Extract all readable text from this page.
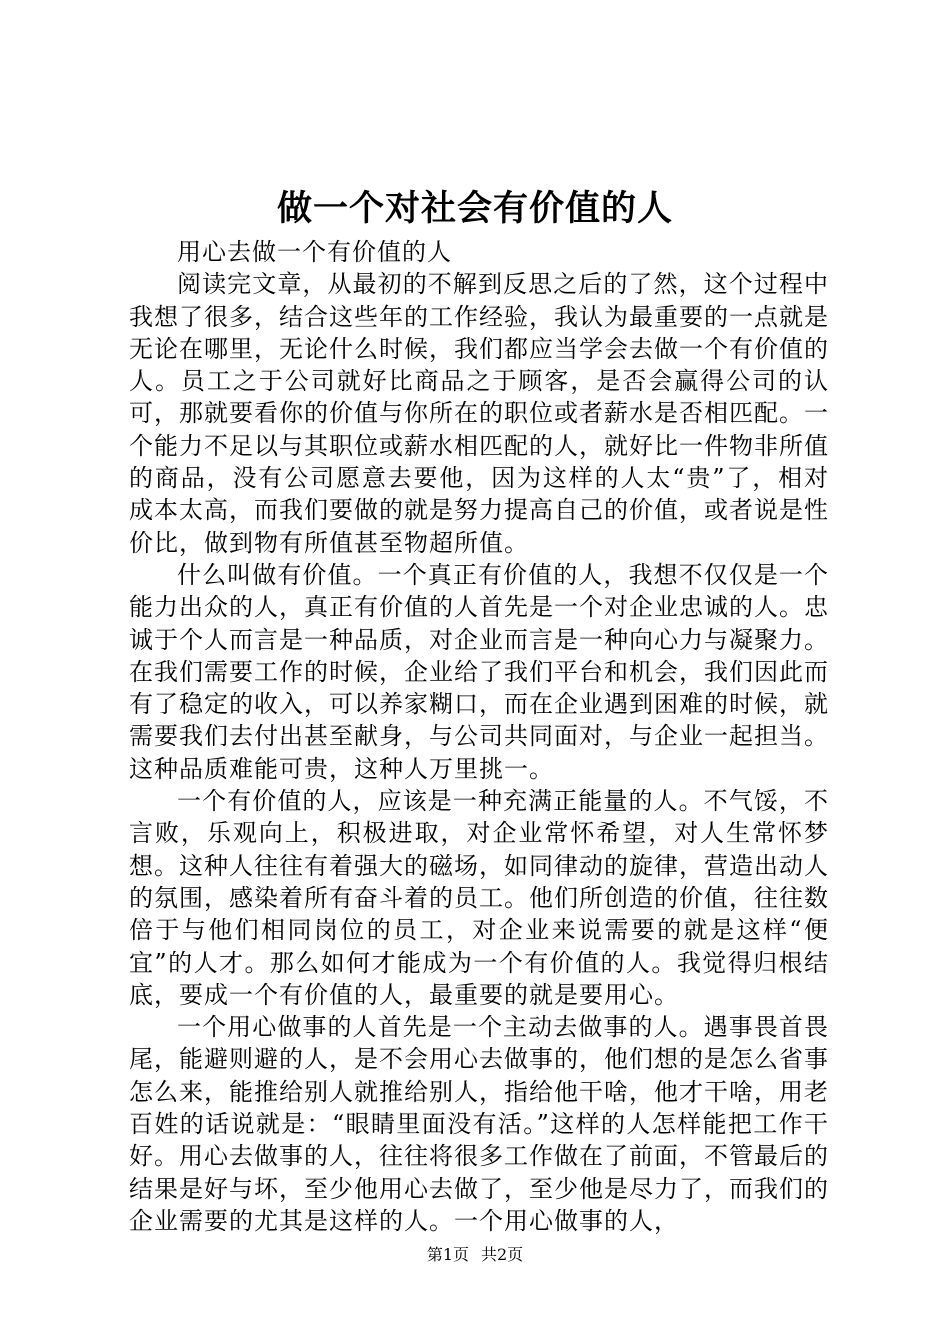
做一个对社会有价值的人

用心去做一个有价值的人

阅读完文章，从最初的不解到反思之后的了然，这个过程中我想了很多，结合这些年的工作经验，我认为最重要的一点就是无论在哪里，无论什么时候，我们都应当学会去做一个有价值的人。员工之于公司就好比商品之于顾客，是否会赢得公司的认可，那就要看你的价值与你所在的职位或者薪水是否相匹配。一个能力不足以与其职位或薪水相匹配的人，就好比一件物非所值的商品，没有公司愿意去要他，因为这样的人太“贵”了，相对成本太高，而我们要做的就是努力提高自己的价值，或者说是性价比，做到物有所值甚至物超所值。

什么叫做有价值。一个真正有价值的人，我想不仅仅是一个能力出众的人，真正有价值的人首先是一个对企业忠诚的人。忠诚于个人而言是一种品质，对企业而言是一种向心力与凝聚力。在我们需要工作的时候，企业给了我们平台和机会，我们因此而有了稳定的收入，可以养家糊口，而在企业遇到困难的时候，就需要我们去付出甚至献身，与公司共同面对，与企业一起担当。这种品质难能可贵，这种人万里挑一。

一个有价值的人，应该是一种充满正能量的人。不气馁，不言败，乐观向上，积极进取，对企业常怀希望，对人生常怀梦想。这种人往往有着强大的磁场，如同律动的旋律，营造出动人的氛围，感染着所有奋斗着的员工。他们所创造的价值，往往数倍于与他们相同岗位的员工，对企业来说需要的就是这样“便宜”的人才。那么如何才能成为一个有价值的人。我觉得归根结底，要成一个有价值的人，最重要的就是要用心。

一个用心做事的人首先是一个主动去做事的人。遇事畏首畏尾，能避则避的人，是不会用心去做事的，他们想的是怎么省事怎么来，能推给别人就推给别人，指给他干啥，他才干啥，用老百姓的话说就是：“眼睛里面没有活。”这样的人怎样能把工作干好。用心去做事的人，往往将很多工作做在了前面，不管最后的结果是好与坏，至少他用心去做了，至少他是尽力了，而我们的企业需要的尤其是这样的人。一个用心做事的人，

第1页 共2页
